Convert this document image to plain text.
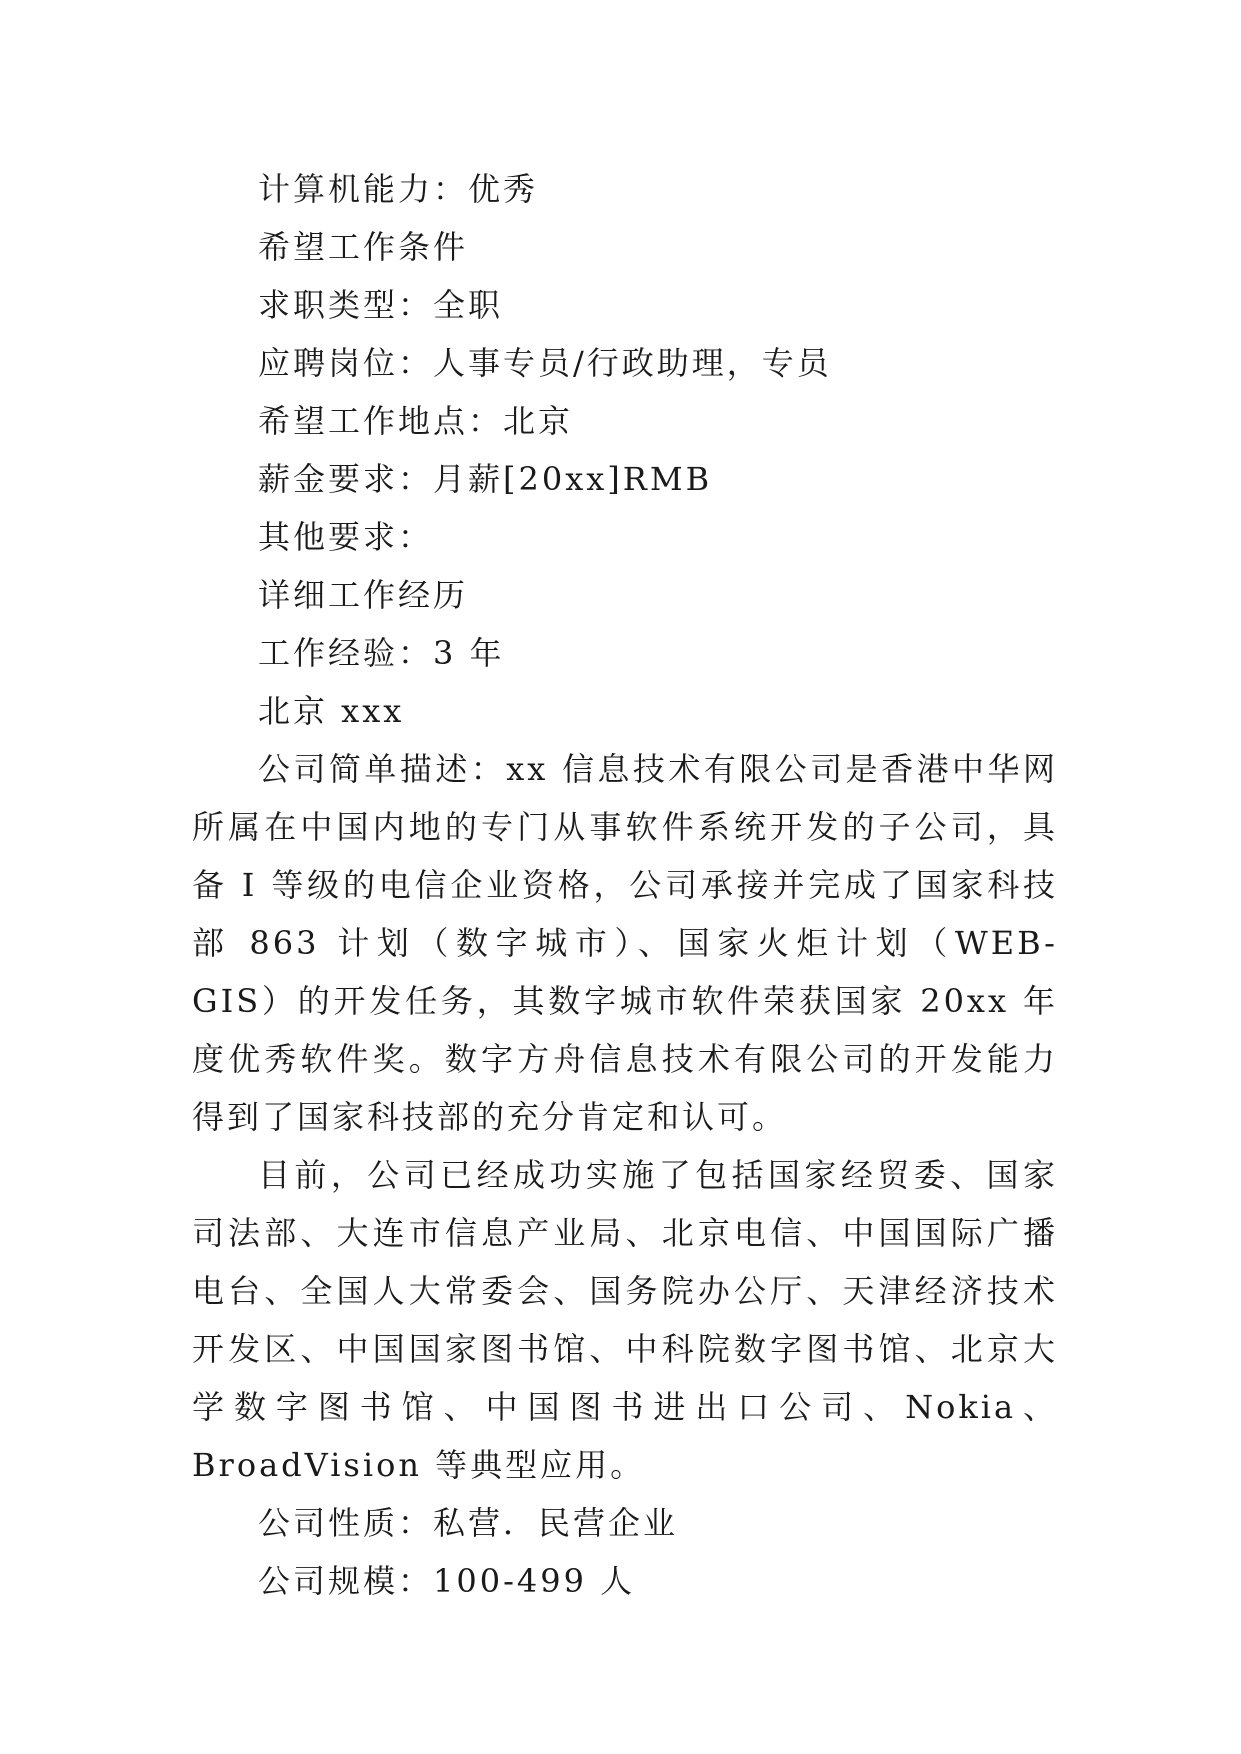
计算机能力：优秀

希望工作条件

求职类型：全职

应聘岗位：人事专员/行政助理，专员

希望工作地点：北京

薪金要求：月薪[20xx]RMB

其他要求：

详细工作经历

工作经验：3 年

北京 xxx

公司简单描述：xx 信息技术有限公司是香港中华网所属在中国内地的专门从事软件系统开发的子公司，具备 I 等级的电信企业资格，公司承接并完成了国家科技部 863 计划（数字城市）、国家火炬计划（WEB-GIS）的开发任务，其数字城市软件荣获国家 20xx 年度优秀软件奖。数字方舟信息技术有限公司的开发能力得到了国家科技部的充分肯定和认可。

目前，公司已经成功实施了包括国家经贸委、国家司法部、大连市信息产业局、北京电信、中国国际广播电台、全国人大常委会、国务院办公厅、天津经济技术开发区、中国国家图书馆、中科院数字图书馆、北京大学数字图书馆、中国图书进出口公司、Nokia、BroadVision 等典型应用。

公司性质：私营．民营企业

公司规模：100-499 人
